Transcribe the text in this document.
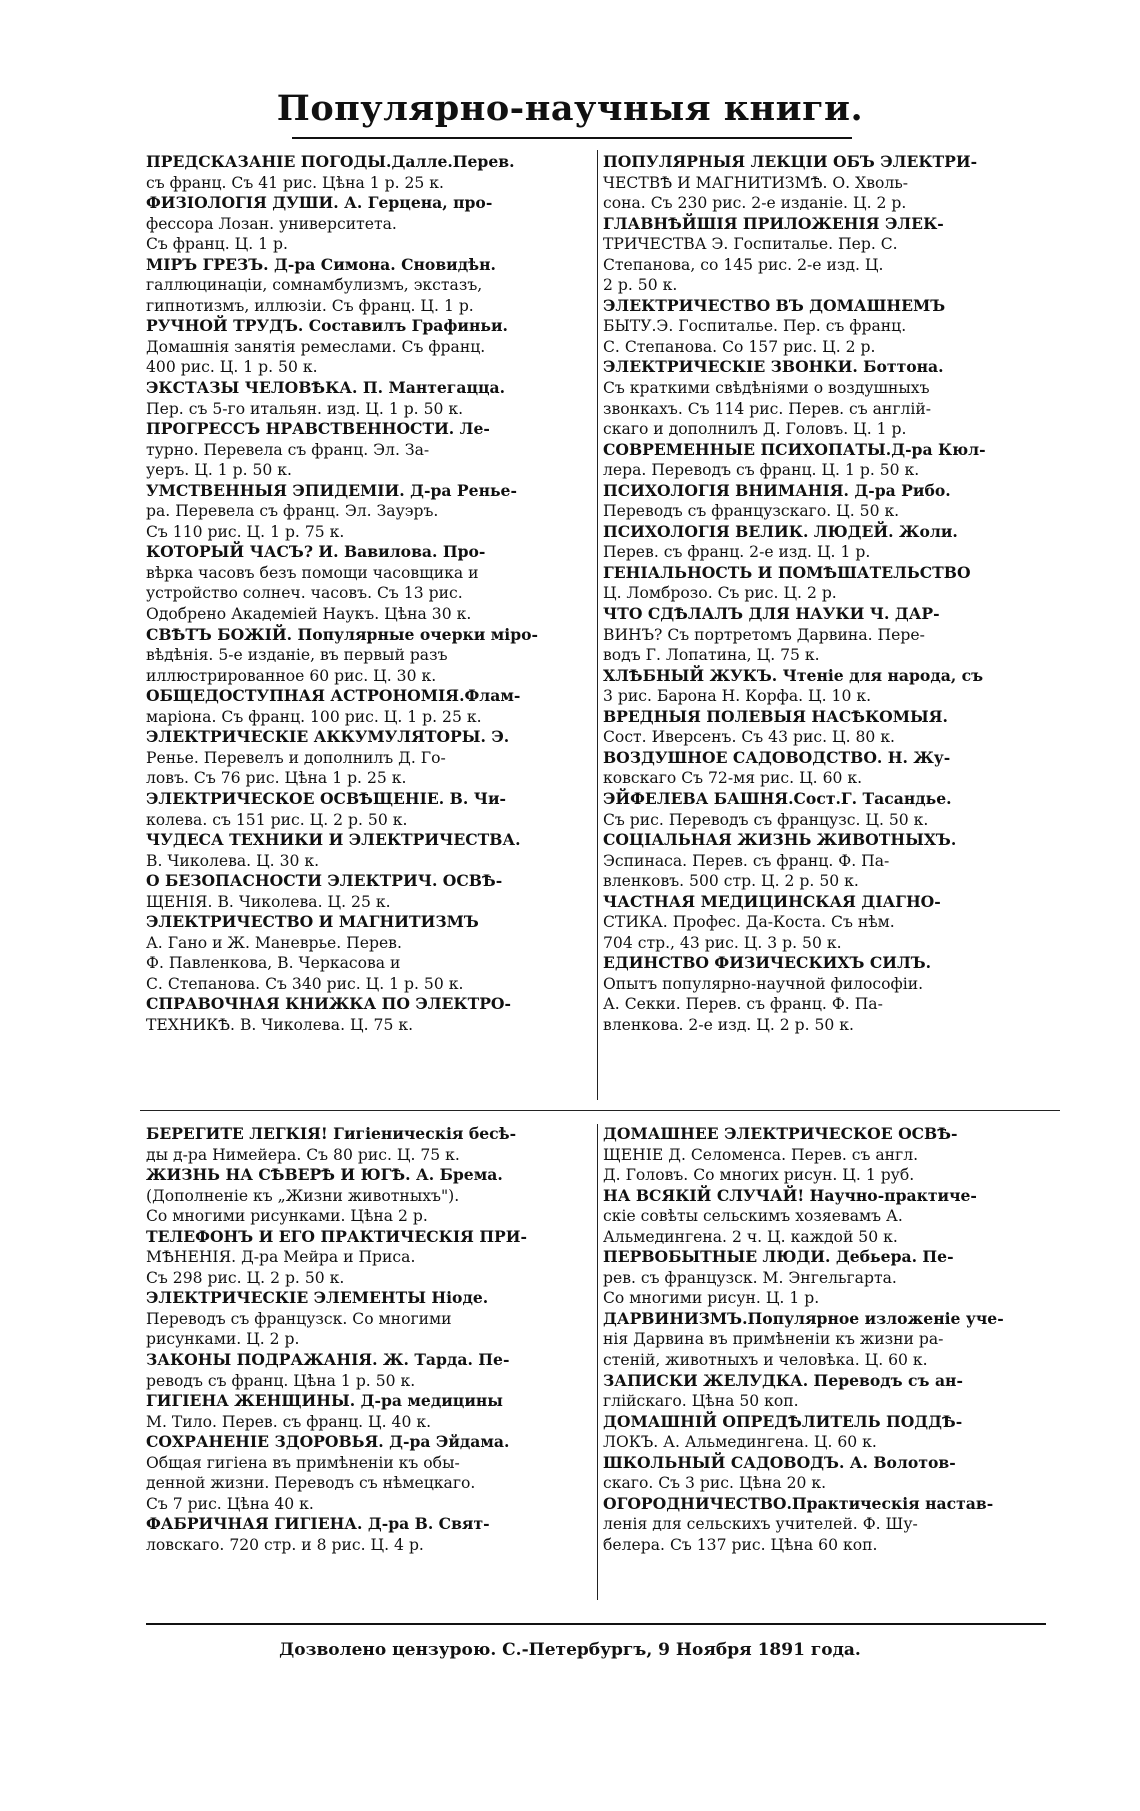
Популярно-научныя книги.
ПРЕДСКАЗАНІЕ ПОГОДЫ.Далле.Перев.
съ франц. Съ 41 рис. Цѣна 1 р. 25 к.
ФИЗІОЛОГІЯ ДУШИ. А. Герцена, про-
фессора Лозан. университета.
Съ франц. Ц. 1 р.
МІРЪ ГРЕЗЪ. Д-ра Симона. Сновидѣн.
галлюцинаціи, сомнамбулизмъ, экстазъ,
гипнотизмъ, иллюзіи. Съ франц. Ц. 1 р.
РУЧНОЙ ТРУДЪ. Составилъ Графиньи.
Домашнія занятія ремеслами. Съ франц.
400 рис. Ц. 1 р. 50 к.
ЭКСТАЗЫ ЧЕЛОВѢКА. П. Мантегацца.
Пер. съ 5-го итальян. изд. Ц. 1 р. 50 к.
ПРОГРЕССЪ НРАВСТВЕННОСТИ. Ле-
турно. Перевела съ франц. Эл. За-
уеръ. Ц. 1 р. 50 к.
УМСТВЕННЫЯ ЭПИДЕМІИ. Д-ра Ренье-
ра. Перевела съ франц. Эл. Зауэръ.
Съ 110 рис. Ц. 1 р. 75 к.
КОТОРЫЙ ЧАСЪ? И. Вавилова. Про-
вѣрка часовъ безъ помощи часовщика и
устройство солнеч. часовъ. Съ 13 рис.
Одобрено Академіей Наукъ. Цѣна 30 к.
СВѢТЪ БОЖІЙ. Популярные очерки міро-
вѣдѣнія. 5-е изданіе, въ первый разъ
иллюстрированное 60 рис. Ц. 30 к.
ОБЩЕДОСТУПНАЯ АСТРОНОМІЯ.Флам-
маріона. Съ франц. 100 рис. Ц. 1 р. 25 к.
ЭЛЕКТРИЧЕСКІЕ АККУМУЛЯТОРЫ. Э.
Ренье. Перевелъ и дополнилъ Д. Го-
ловъ. Съ 76 рис. Цѣна 1 р. 25 к.
ЭЛЕКТРИЧЕСКОЕ ОСВѢЩЕНІЕ. В. Чи-
колева. съ 151 рис. Ц. 2 р. 50 к.
ЧУДЕСА ТЕХНИКИ И ЭЛЕКТРИЧЕСТВА.
В. Чиколева. Ц. 30 к.
О БЕЗОПАСНОСТИ ЭЛЕКТРИЧ. ОСВѢ-
ЩЕНІЯ. В. Чиколева. Ц. 25 к.
ЭЛЕКТРИЧЕСТВО И МАГНИТИЗМЪ
А. Гано и Ж. Маневрье. Перев.
Ф. Павленкова, В. Черкасова и
С. Степанова. Съ 340 рис. Ц. 1 р. 50 к.
СПРАВОЧНАЯ КНИЖКА ПО ЭЛЕКТРО-
ТЕХНИКѢ. В. Чиколева. Ц. 75 к.
ПОПУЛЯРНЫЯ ЛЕКЦІИ ОБЪ ЭЛЕКТРИ-
ЧЕСТВѢ И МАГНИТИЗМѢ. О. Хволь-
сона. Съ 230 рис. 2-е изданіе. Ц. 2 р.
ГЛАВНѢЙШІЯ ПРИЛОЖЕНІЯ ЭЛЕК-
ТРИЧЕСТВА Э. Госпиталье. Пер. С.
Степанова, со 145 рис. 2-е изд. Ц.
2 р. 50 к.
ЭЛЕКТРИЧЕСТВО ВЪ ДОМАШНЕМЪ
БЫТУ.Э. Госпиталье. Пер. съ франц.
С. Степанова. Со 157 рис. Ц. 2 р.
ЭЛЕКТРИЧЕСКІЕ ЗВОНКИ. Боттона.
Съ краткими свѣдѣніями о воздушныхъ
звонкахъ. Съ 114 рис. Перев. съ англій-
скаго и дополнилъ Д. Головъ. Ц. 1 р.
СОВРЕМЕННЫЕ ПСИХОПАТЫ.Д-ра Кюл-
лера. Переводъ съ франц. Ц. 1 р. 50 к.
ПСИХОЛОГІЯ ВНИМАНІЯ. Д-ра Рибо.
Переводъ съ французскаго. Ц. 50 к.
ПСИХОЛОГІЯ ВЕЛИК. ЛЮДЕЙ. Жоли.
Перев. съ франц. 2-е изд. Ц. 1 р.
ГЕНІАЛЬНОСТЬ И ПОМѢШАТЕЛЬСТВО
Ц. Ломброзо. Съ рис. Ц. 2 р.
ЧТО СДѢЛАЛЪ ДЛЯ НАУКИ Ч. ДАР-
ВИНЪ? Съ портретомъ Дарвина. Пере-
водъ Г. Лопатина, Ц. 75 к.
ХЛѢБНЫЙ ЖУКЪ. Чтеніе для народа, съ
3 рис. Барона Н. Корфа. Ц. 10 к.
ВРЕДНЫЯ ПОЛЕВЫЯ НАСѢКОМЫЯ.
Сост. Иверсенъ. Съ 43 рис. Ц. 80 к.
ВОЗДУШНОЕ САДОВОДСТВО. Н. Жу-
ковскаго Съ 72-мя рис. Ц. 60 к.
ЭЙФЕЛЕВА БАШНЯ.Сост.Г. Тасандье.
Съ рис. Переводъ съ французс. Ц. 50 к.
СОЦІАЛЬНАЯ ЖИЗНЬ ЖИВОТНЫХЪ.
Эспинаса. Перев. съ франц. Ф. Па-
вленковъ. 500 стр. Ц. 2 р. 50 к.
ЧАСТНАЯ МЕДИЦИНСКАЯ ДІАГНО-
СТИКА. Профес. Да-Коста. Съ нѣм.
704 стр., 43 рис. Ц. 3 р. 50 к.
ЕДИНСТВО ФИЗИЧЕСКИХЪ СИЛЪ.
Опытъ популярно-научной философіи.
А. Секки. Перев. съ франц. Ф. Па-
вленкова. 2-е изд. Ц. 2 р. 50 к.
БЕРЕГИТЕ ЛЕГКІЯ! Гигіеническія бесѣ-
ды д-ра Нимейера. Съ 80 рис. Ц. 75 к.
ЖИЗНЬ НА СѢВЕРѢ И ЮГѢ. А. Брема.
(Дополненіе къ „Жизни животныхъ").
Со многими рисунками. Цѣна 2 р.
ТЕЛЕФОНЪ И ЕГО ПРАКТИЧЕСКІЯ ПРИ-
МѢНЕНІЯ. Д-ра Мейра и Приса.
Съ 298 рис. Ц. 2 р. 50 к.
ЭЛЕКТРИЧЕСКІЕ ЭЛЕМЕНТЫ Ніоде.
Переводъ съ французск. Со многими
рисунками. Ц. 2 р.
ЗАКОНЫ ПОДРАЖАНІЯ. Ж. Тарда. Пе-
реводъ съ франц. Цѣна 1 р. 50 к.
ГИГІЕНА ЖЕНЩИНЫ. Д-ра медицины
М. Тило. Перев. съ франц. Ц. 40 к.
СОХРАНЕНІЕ ЗДОРОВЬЯ. Д-ра Эйдама.
Общая гигіена въ примѣненіи къ обы-
денной жизни. Переводъ съ нѣмецкаго.
Съ 7 рис. Цѣна 40 к.
ФАБРИЧНАЯ ГИГІЕНА. Д-ра В. Свят-
ловскаго. 720 стр. и 8 рис. Ц. 4 р.
ДОМАШНЕЕ ЭЛЕКТРИЧЕСКОЕ ОСВѢ-
ЩЕНІЕ Д. Селоменса. Перев. съ англ.
Д. Головъ. Со многих рисун. Ц. 1 руб.
НА ВСЯКІЙ СЛУЧАЙ! Научно-практиче-
скіе совѣты сельскимъ хозяевамъ А.
Альмедингена. 2 ч. Ц. каждой 50 к.
ПЕРВОБЫТНЫЕ ЛЮДИ. Дебьера. Пе-
рев. съ французск. М. Энгельгарта.
Со многими рисун. Ц. 1 р.
ДАРВИНИЗМЪ.Популярное изложеніе уче-
нія Дарвина въ примѣненіи къ жизни ра-
стеній, животныхъ и человѣка. Ц. 60 к.
ЗАПИСКИ ЖЕЛУДКА. Переводъ съ ан-
глійскаго. Цѣна 50 коп.
ДОМАШНІЙ ОПРЕДѢЛИТЕЛЬ ПОДДѢ-
ЛОКЪ. А. Альмедингена. Ц. 60 к.
ШКОЛЬНЫЙ САДОВОДЪ. А. Волотов-
скаго. Съ 3 рис. Цѣна 20 к.
ОГОРОДНИЧЕСТВО.Практическія настав-
ленія для сельскихъ учителей. Ф. Шу-
белера. Съ 137 рис. Цѣна 60 коп.
Дозволено цензурою. С.-Петербургъ, 9 Ноября 1891 года.
